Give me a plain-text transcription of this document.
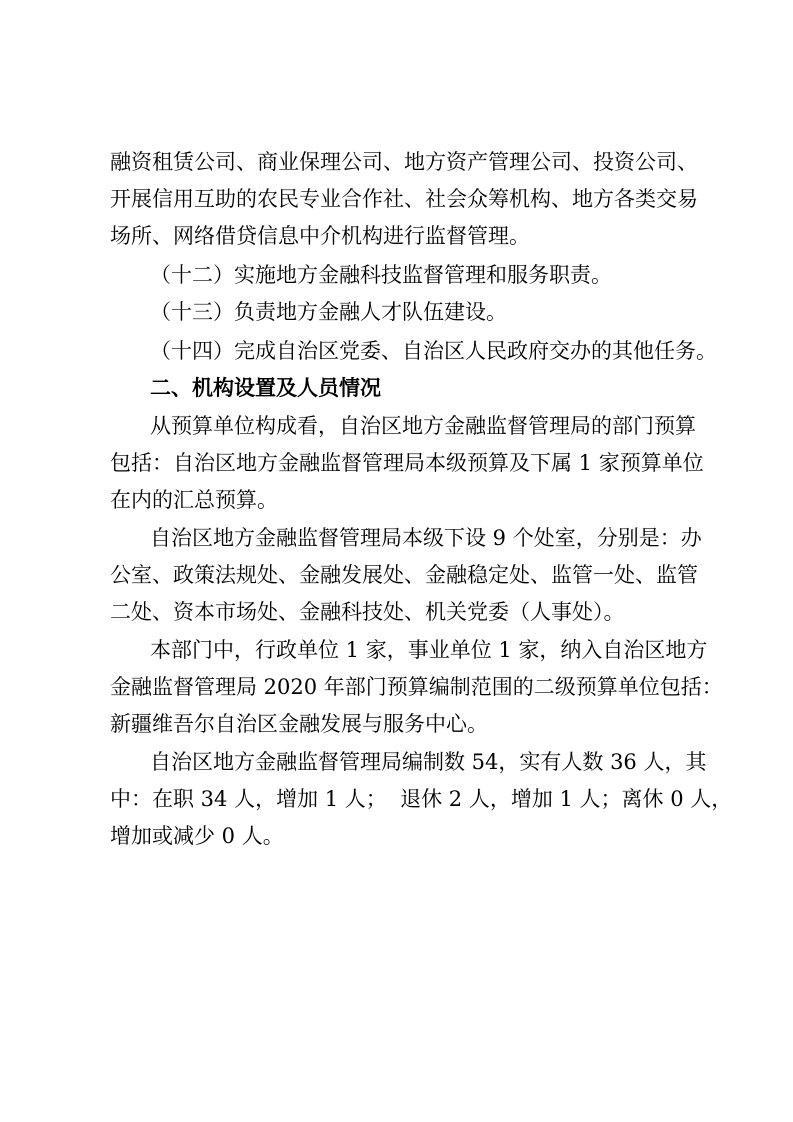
融资租赁公司、商业保理公司、地方资产管理公司、投资公司、
开展信用互助的农民专业合作社、社会众筹机构、地方各类交易
场所、网络借贷信息中介机构进行监督管理。
（十二）实施地方金融科技监督管理和服务职责。
（十三）负责地方金融人才队伍建设。
（十四）完成自治区党委、自治区人民政府交办的其他任务。
二、机构设置及人员情况
从预算单位构成看，自治区地方金融监督管理局的部门预算
包括：自治区地方金融监督管理局本级预算及下属 1 家预算单位
在内的汇总预算。
自治区地方金融监督管理局本级下设 9 个处室，分别是：办
公室、政策法规处、金融发展处、金融稳定处、监管一处、监管
二处、资本市场处、金融科技处、机关党委（人事处）。
本部门中，行政单位 1 家，事业单位 1 家，纳入自治区地方
金融监督管理局 2020 年部门预算编制范围的二级预算单位包括：
新疆维吾尔自治区金融发展与服务中心。
自治区地方金融监督管理局编制数 54，实有人数 36 人，其
中：在职 34 人，增加 1 人；  退休 2 人，增加 1 人；离休 0 人，
增加或减少 0 人。
